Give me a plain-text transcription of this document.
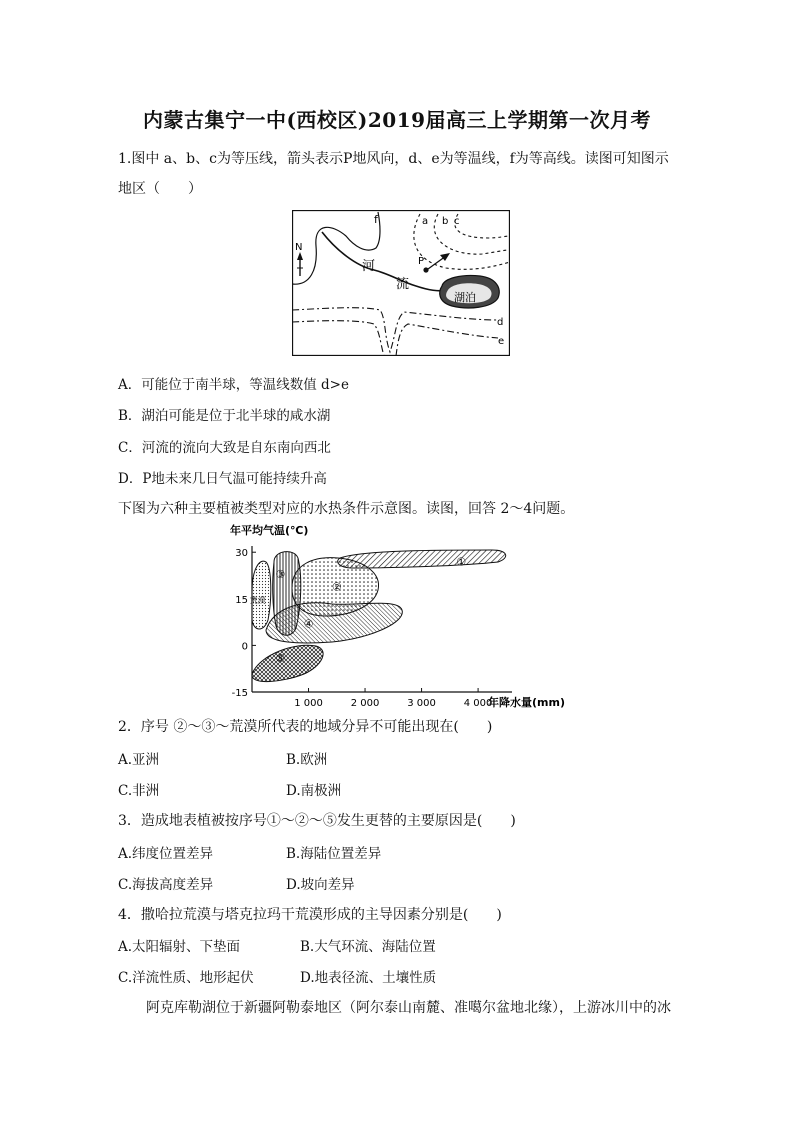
内蒙古集宁一中(西校区)2019届高三上学期第一次月考
1.图中 a、b、c为等压线，箭头表示P地风向，d、e为等温线，f为等高线。读图可知图示
地区（　　）
N
f	a b c
P
河
流
湖泊
d
e
A．可能位于南半球，等温线数值 d>e
B．湖泊可能是位于北半球的咸水湖
C．河流的流向大致是自东南向西北
D．P地未来几日气温可能持续升高
下图为六种主要植被类型对应的水热条件示意图。读图，回答 2～4问题。
年平均气温(℃)
年降水量(mm)
30
15
0
-15
1 000	2 000	3 000	4 000
①
②
③
④
⑤
荒漠
2．序号 ②～③～荒漠所代表的地域分异不可能出现在(　　)
A.亚洲	B.欧洲
C.非洲	D.南极洲
3．造成地表植被按序号①～②～⑤发生更替的主要原因是(　　)
A.纬度位置差异	B.海陆位置差异
C.海拔高度差异	D.坡向差异
4．撒哈拉荒漠与塔克拉玛干荒漠形成的主导因素分别是(　　)
A.太阳辐射、下垫面	B.大气环流、海陆位置
C.洋流性质、地形起伏	D.地表径流、土壤性质
阿克库勒湖位于新疆阿勒泰地区（阿尔泰山南麓、准噶尔盆地北缘），上游冰川中的冰
